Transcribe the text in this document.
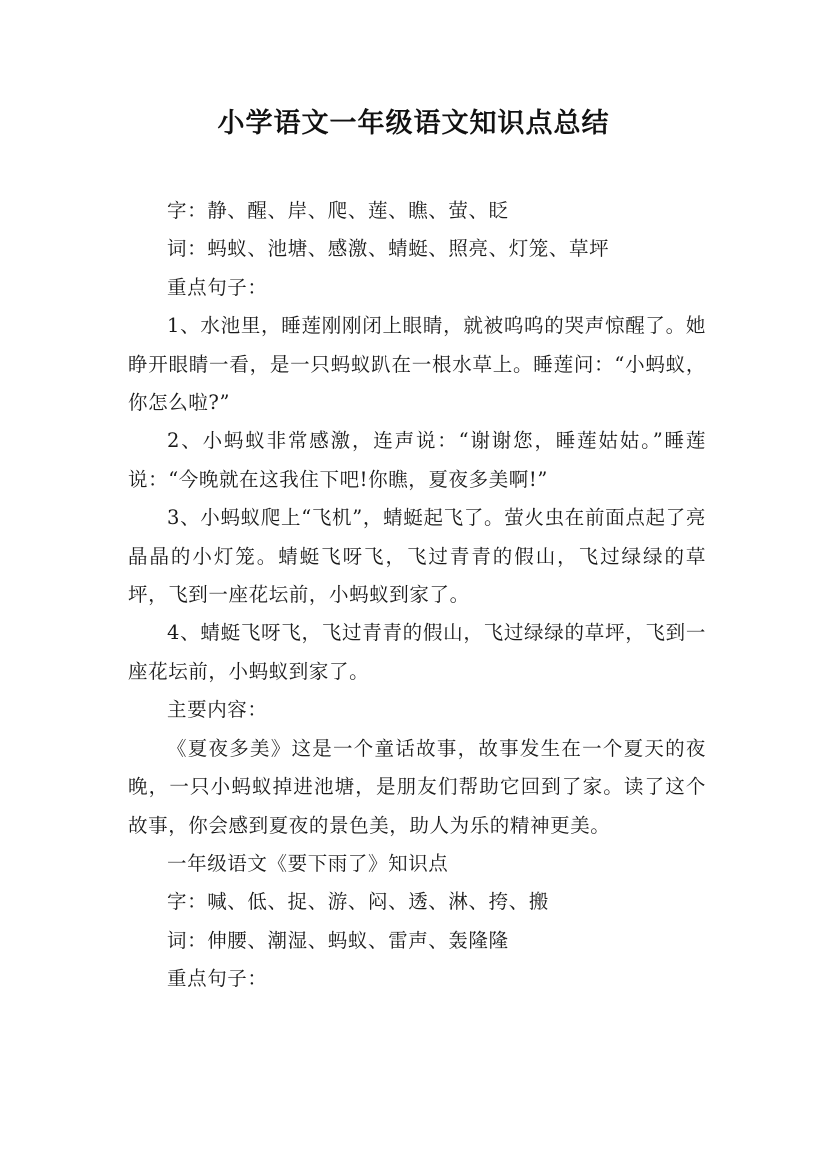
小学语文一年级语文知识点总结

字：静、醒、岸、爬、莲、瞧、萤、眨

词：蚂蚁、池塘、感激、蜻蜓、照亮、灯笼、草坪

重点句子：

1、水池里，睡莲刚刚闭上眼睛，就被呜呜的哭声惊醒了。她睁开眼睛一看，是一只蚂蚁趴在一根水草上。睡莲问：“小蚂蚁，你怎么啦?”

2、小蚂蚁非常感激，连声说：“谢谢您，睡莲姑姑。”睡莲说：“今晚就在这我住下吧!你瞧，夏夜多美啊!”

3、小蚂蚁爬上“飞机”，蜻蜓起飞了。萤火虫在前面点起了亮晶晶的小灯笼。蜻蜓飞呀飞，飞过青青的假山，飞过绿绿的草坪，飞到一座花坛前，小蚂蚁到家了。

4、蜻蜓飞呀飞，飞过青青的假山，飞过绿绿的草坪，飞到一座花坛前，小蚂蚁到家了。

主要内容：

《夏夜多美》这是一个童话故事，故事发生在一个夏天的夜晚，一只小蚂蚁掉进池塘，是朋友们帮助它回到了家。读了这个故事，你会感到夏夜的景色美，助人为乐的精神更美。

一年级语文《要下雨了》知识点

字：喊、低、捉、游、闷、透、淋、挎、搬

词：伸腰、潮湿、蚂蚁、雷声、轰隆隆

重点句子：
